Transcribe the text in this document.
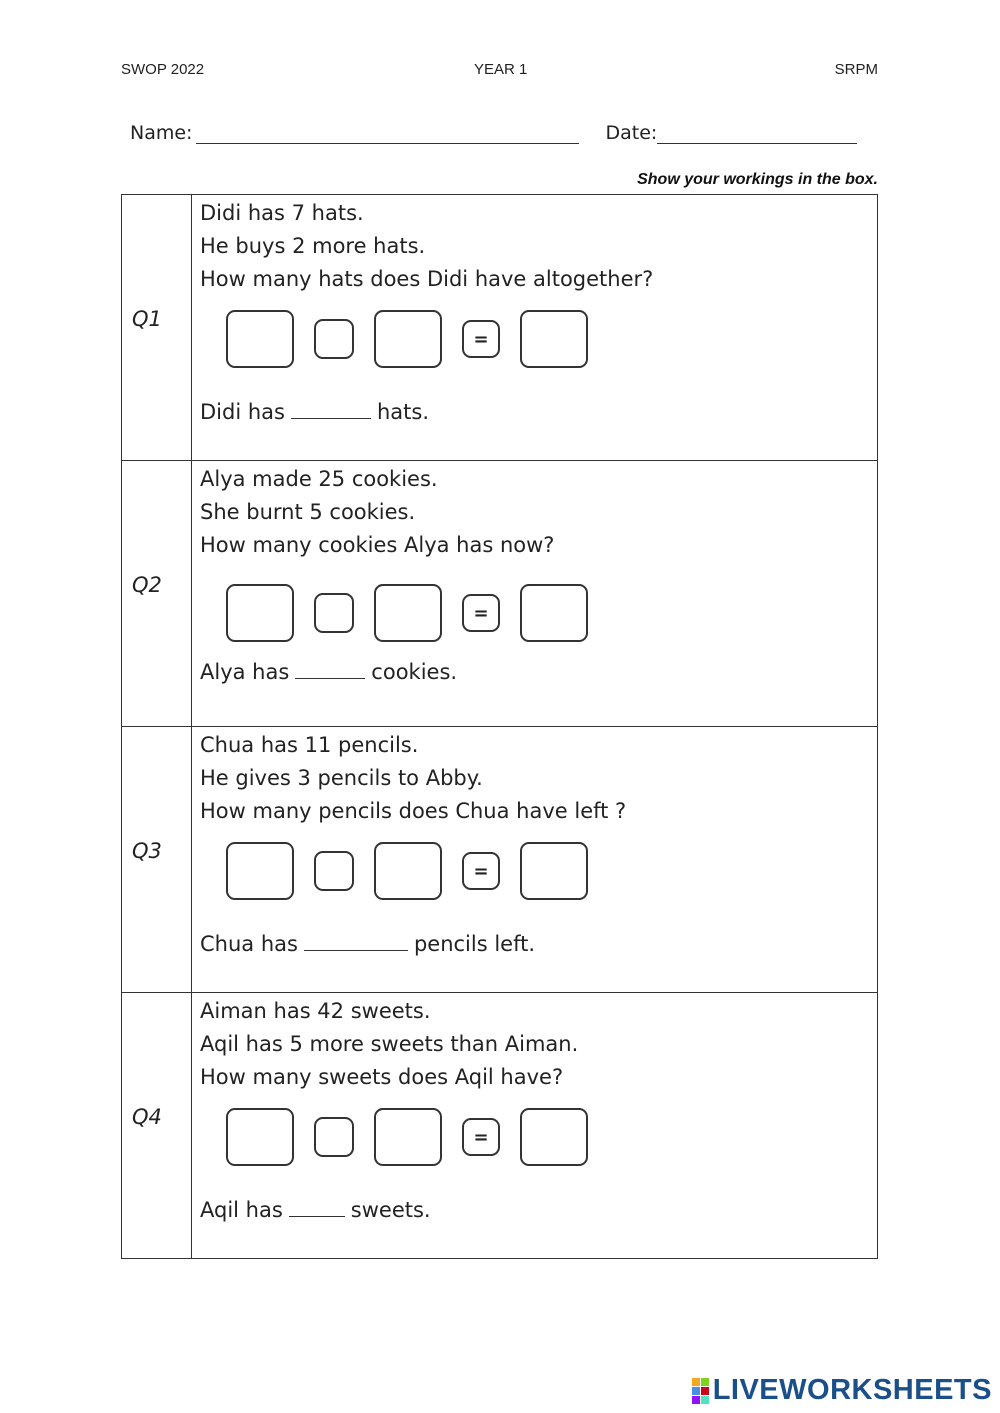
SWOP 2022	YEAR 1	SRPM
Name:	Date:
Show your workings in the box.
Q1	Didi has 7 hats.
He buys 2 more hats.
How many hats does Didi have altogether?
=
Didi has hats.

Q2	Alya made 25 cookies.
She burnt 5 cookies.
How many cookies Alya has now?
=
Alya has cookies.

Q3	Chua has 11 pencils.
He gives 3 pencils to Abby.
How many pencils does Chua have left ?
=
Chua has pencils left.

Q4	Aiman has 42 sweets.
Aqil has 5 more sweets than Aiman.
How many sweets does Aqil have?
=
Aqil has sweets.
LIVEWORKSHEETS
